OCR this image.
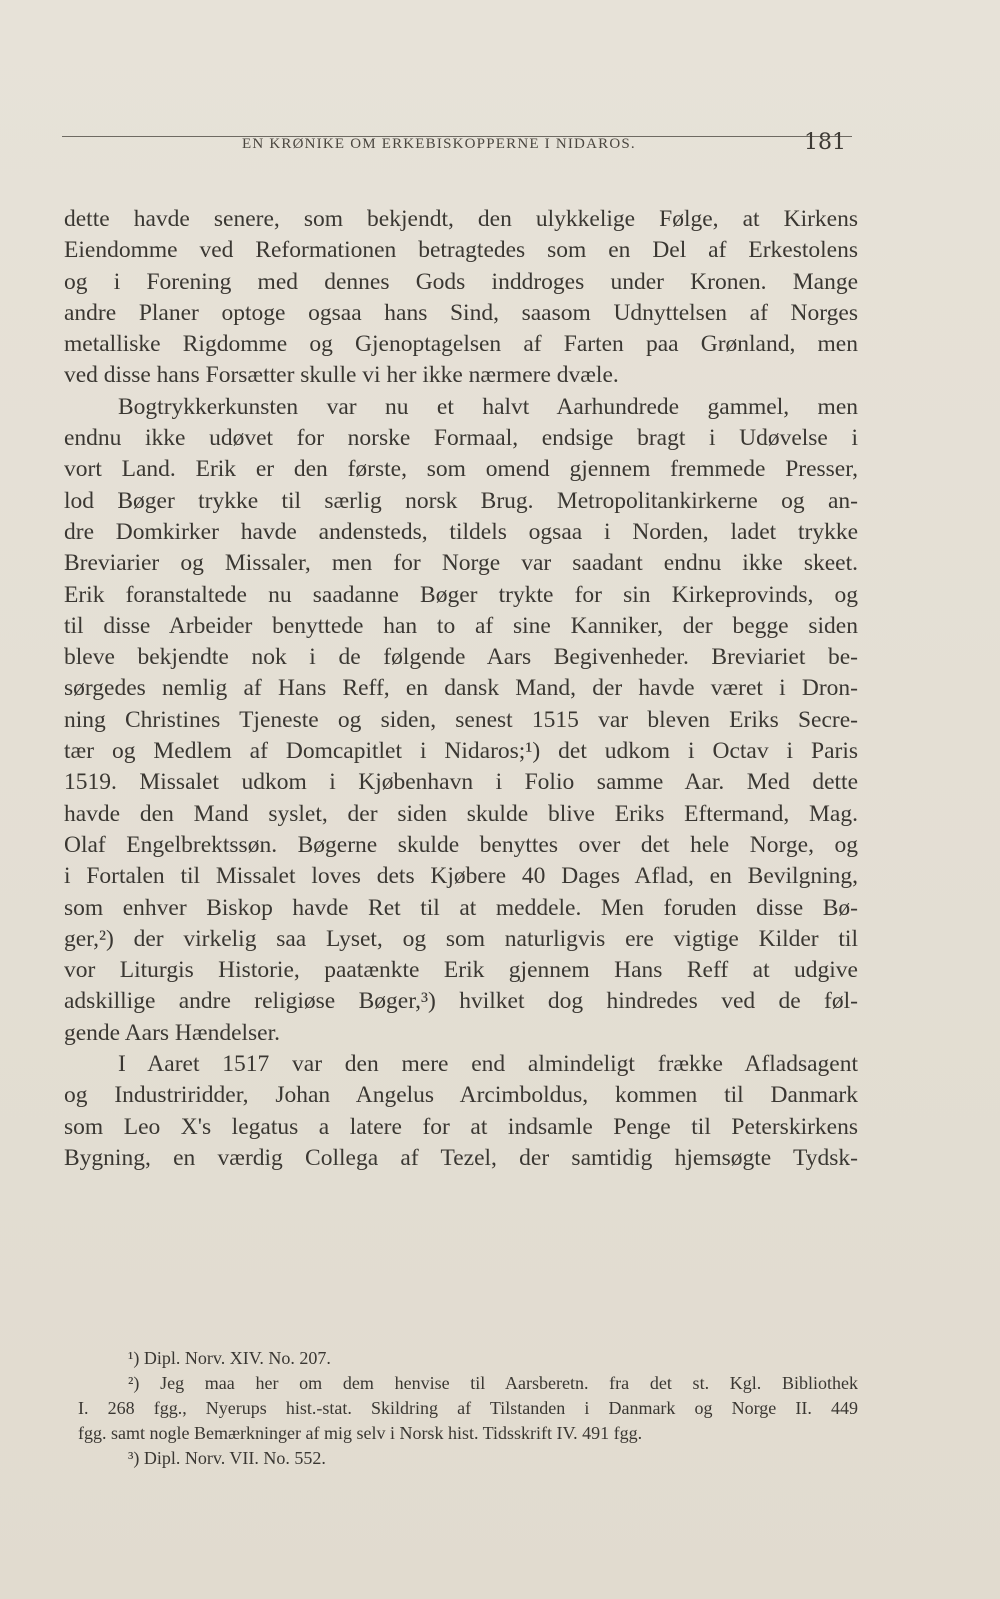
EN KRØNIKE OM ERKEBISKOPPERNE I NIDAROS.	181
dette havde senere, som bekjendt, den ulykkelige Følge, at Kirkens
Eiendomme ved Reformationen betragtedes som en Del af Erkestolens
og i Forening med dennes Gods inddroges under Kronen. Mange
andre Planer optoge ogsaa hans Sind, saasom Udnyttelsen af Norges
metalliske Rigdomme og Gjenoptagelsen af Farten paa Grønland, men
ved disse hans Forsætter skulle vi her ikke nærmere dvæle.
Bogtrykkerkunsten var nu et halvt Aarhundrede gammel, men
endnu ikke udøvet for norske Formaal, endsige bragt i Udøvelse i
vort Land. Erik er den første, som omend gjennem fremmede Presser,
lod Bøger trykke til særlig norsk Brug. Metropolitankirkerne og an-
dre Domkirker havde andensteds, tildels ogsaa i Norden, ladet trykke
Breviarier og Missaler, men for Norge var saadant endnu ikke skeet.
Erik foranstaltede nu saadanne Bøger trykte for sin Kirkeprovinds, og
til disse Arbeider benyttede han to af sine Kanniker, der begge siden
bleve bekjendte nok i de følgende Aars Begivenheder. Breviariet be-
sørgedes nemlig af Hans Reff, en dansk Mand, der havde været i Dron-
ning Christines Tjeneste og siden, senest 1515 var bleven Eriks Secre-
tær og Medlem af Domcapitlet i Nidaros;¹) det udkom i Octav i Paris
1519. Missalet udkom i Kjøbenhavn i Folio samme Aar. Med dette
havde den Mand syslet, der siden skulde blive Eriks Eftermand, Mag.
Olaf Engelbrektssøn. Bøgerne skulde benyttes over det hele Norge, og
i Fortalen til Missalet loves dets Kjøbere 40 Dages Aflad, en Bevilgning,
som enhver Biskop havde Ret til at meddele. Men foruden disse Bø-
ger,²) der virkelig saa Lyset, og som naturligvis ere vigtige Kilder til
vor Liturgis Historie, paatænkte Erik gjennem Hans Reff at udgive
adskillige andre religiøse Bøger,³) hvilket dog hindredes ved de føl-
gende Aars Hændelser.
I Aaret 1517 var den mere end almindeligt frække Afladsagent
og Industriridder, Johan Angelus Arcimboldus, kommen til Danmark
som Leo X's legatus a latere for at indsamle Penge til Peterskirkens
Bygning, en værdig Collega af Tezel, der samtidig hjemsøgte Tydsk-
¹) Dipl. Norv. XIV. No. 207.
²) Jeg maa her om dem henvise til Aarsberetn. fra det st. Kgl. Bibliothek
I. 268 fgg., Nyerups hist.-stat. Skildring af Tilstanden i Danmark og Norge II. 449
fgg. samt nogle Bemærkninger af mig selv i Norsk hist. Tidsskrift IV. 491 fgg.
³) Dipl. Norv. VII. No. 552.
